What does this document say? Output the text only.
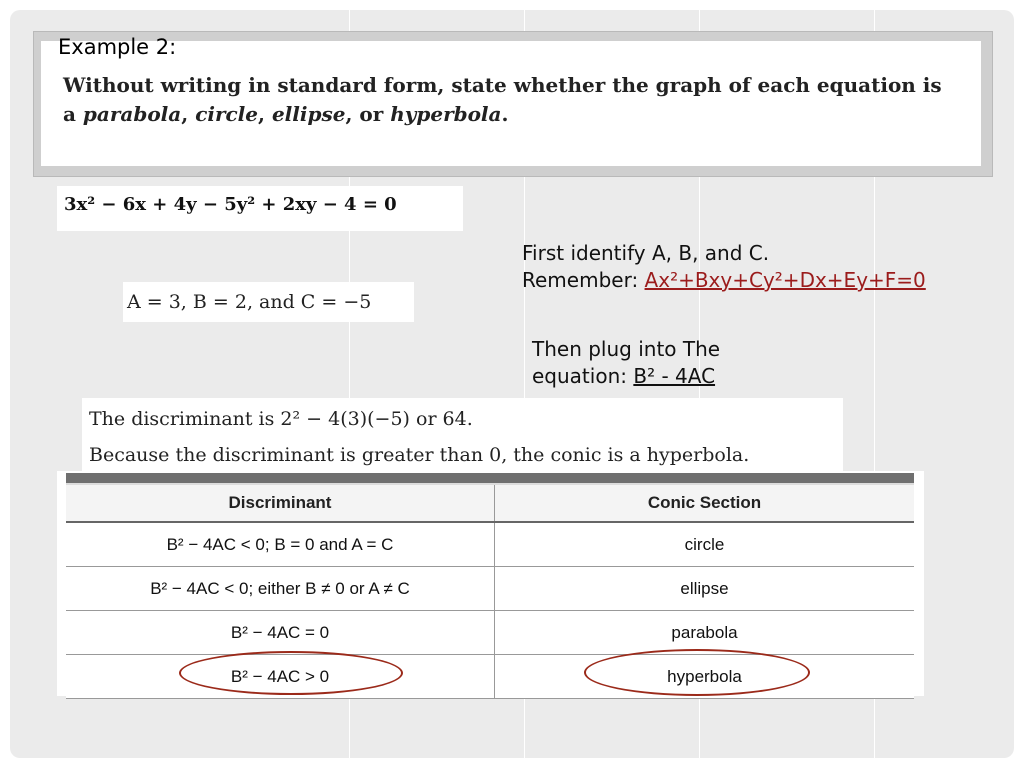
Example 2:
Without writing in standard form, state whether the graph of each equation is
a parabola, circle, ellipse, or hyperbola.
3x² − 6x + 4y − 5y² + 2xy − 4 = 0
A = 3, B = 2, and C = −5
First identify A, B, and C.
Remember: Ax²+Bxy+Cy²+Dx+Ey+F=0
Then plug into The
equation: B² - 4AC
The discriminant is 2² − 4(3)(−5) or 64.
Because the discriminant is greater than 0, the conic is a hyperbola.
Discriminant	Conic Section
B² − 4AC < 0; B = 0 and A = C	circle
B² − 4AC < 0; either B ≠ 0 or A ≠ C	ellipse
B² − 4AC = 0	parabola
B² − 4AC > 0	hyperbola
